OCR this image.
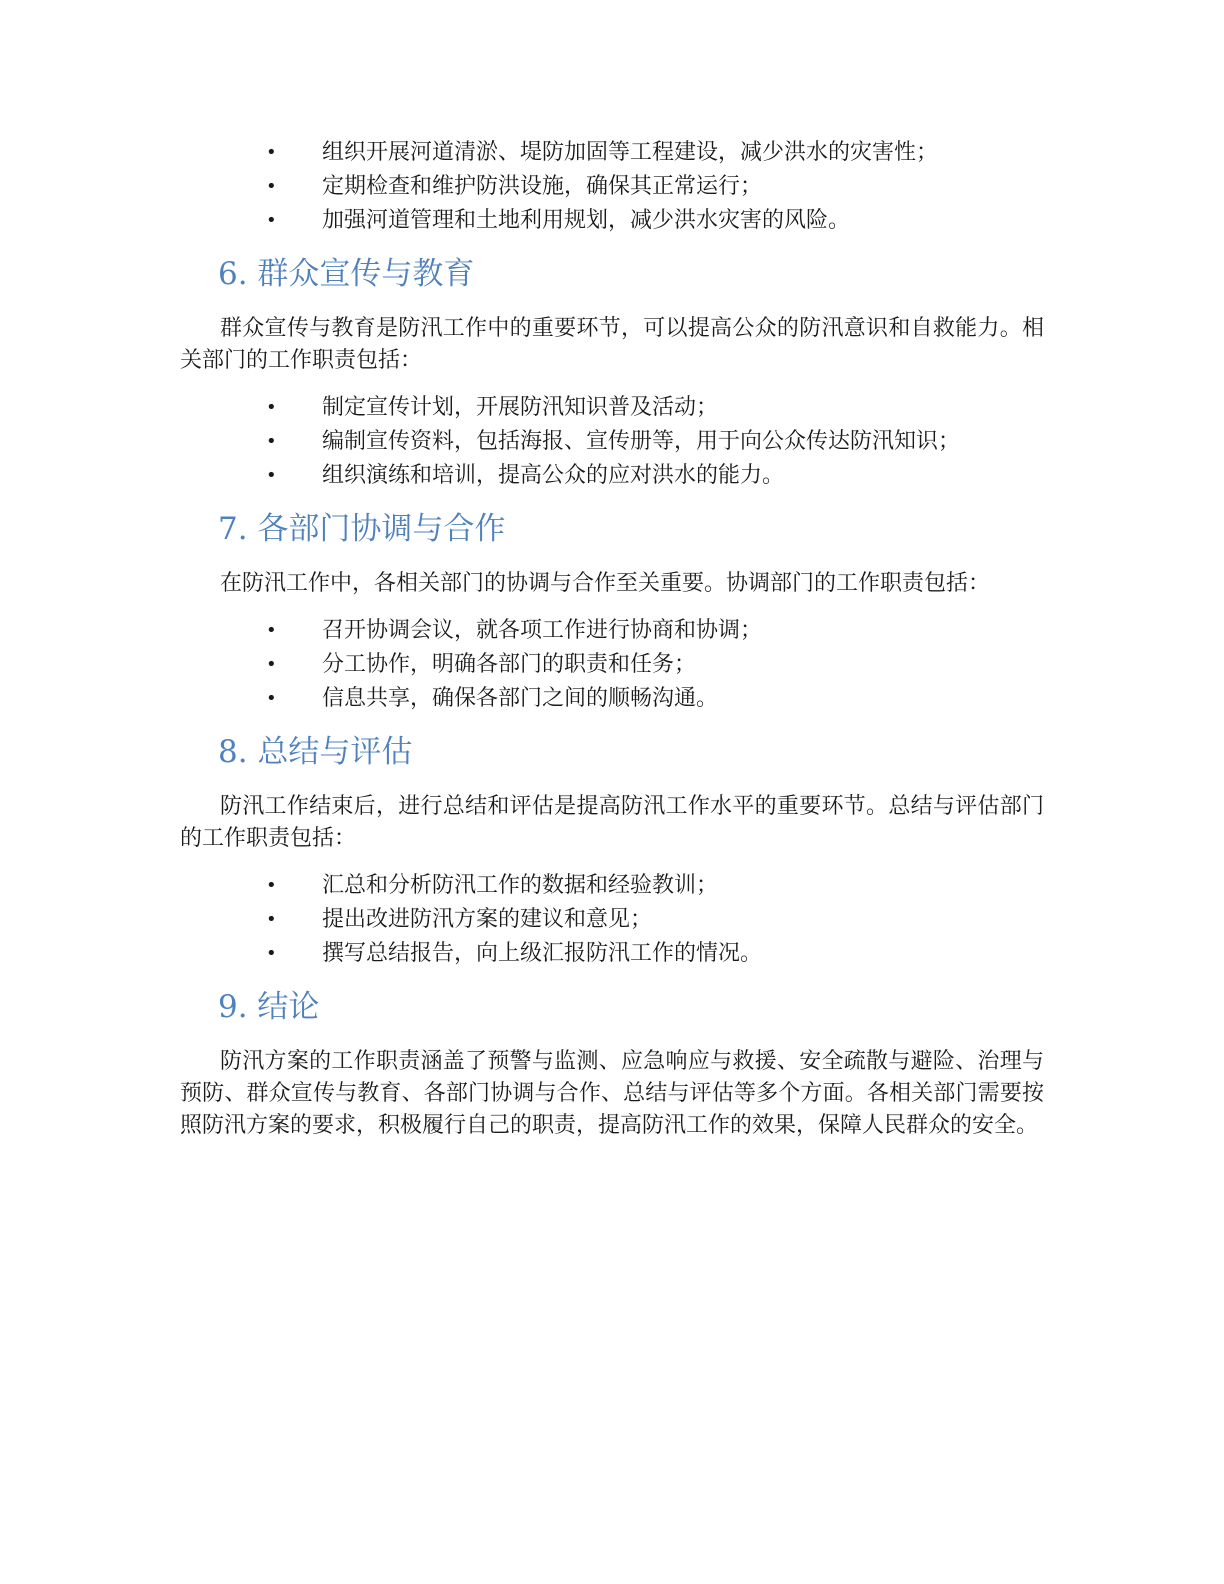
• 组织开展河道清淤、堤防加固等工程建设，减少洪水的灾害性；
• 定期检查和维护防洪设施，确保其正常运行；
• 加强河道管理和土地利用规划，减少洪水灾害的风险。
6. 群众宣传与教育

群众宣传与教育是防汛工作中的重要环节，可以提高公众的防汛意识和自救能力。相关部门的工作职责包括：

• 制定宣传计划，开展防汛知识普及活动；
• 编制宣传资料，包括海报、宣传册等，用于向公众传达防汛知识；
• 组织演练和培训，提高公众的应对洪水的能力。
7. 各部门协调与合作

在防汛工作中，各相关部门的协调与合作至关重要。协调部门的工作职责包括：

• 召开协调会议，就各项工作进行协商和协调；
• 分工协作，明确各部门的职责和任务；
• 信息共享，确保各部门之间的顺畅沟通。
8. 总结与评估

防汛工作结束后，进行总结和评估是提高防汛工作水平的重要环节。总结与评估部门的工作职责包括：

• 汇总和分析防汛工作的数据和经验教训；
• 提出改进防汛方案的建议和意见；
• 撰写总结报告，向上级汇报防汛工作的情况。
9. 结论

防汛方案的工作职责涵盖了预警与监测、应急响应与救援、安全疏散与避险、治理与预防、群众宣传与教育、各部门协调与合作、总结与评估等多个方面。各相关部门需要按照防汛方案的要求，积极履行自己的职责，提高防汛工作的效果，保障人民群众的安全。
